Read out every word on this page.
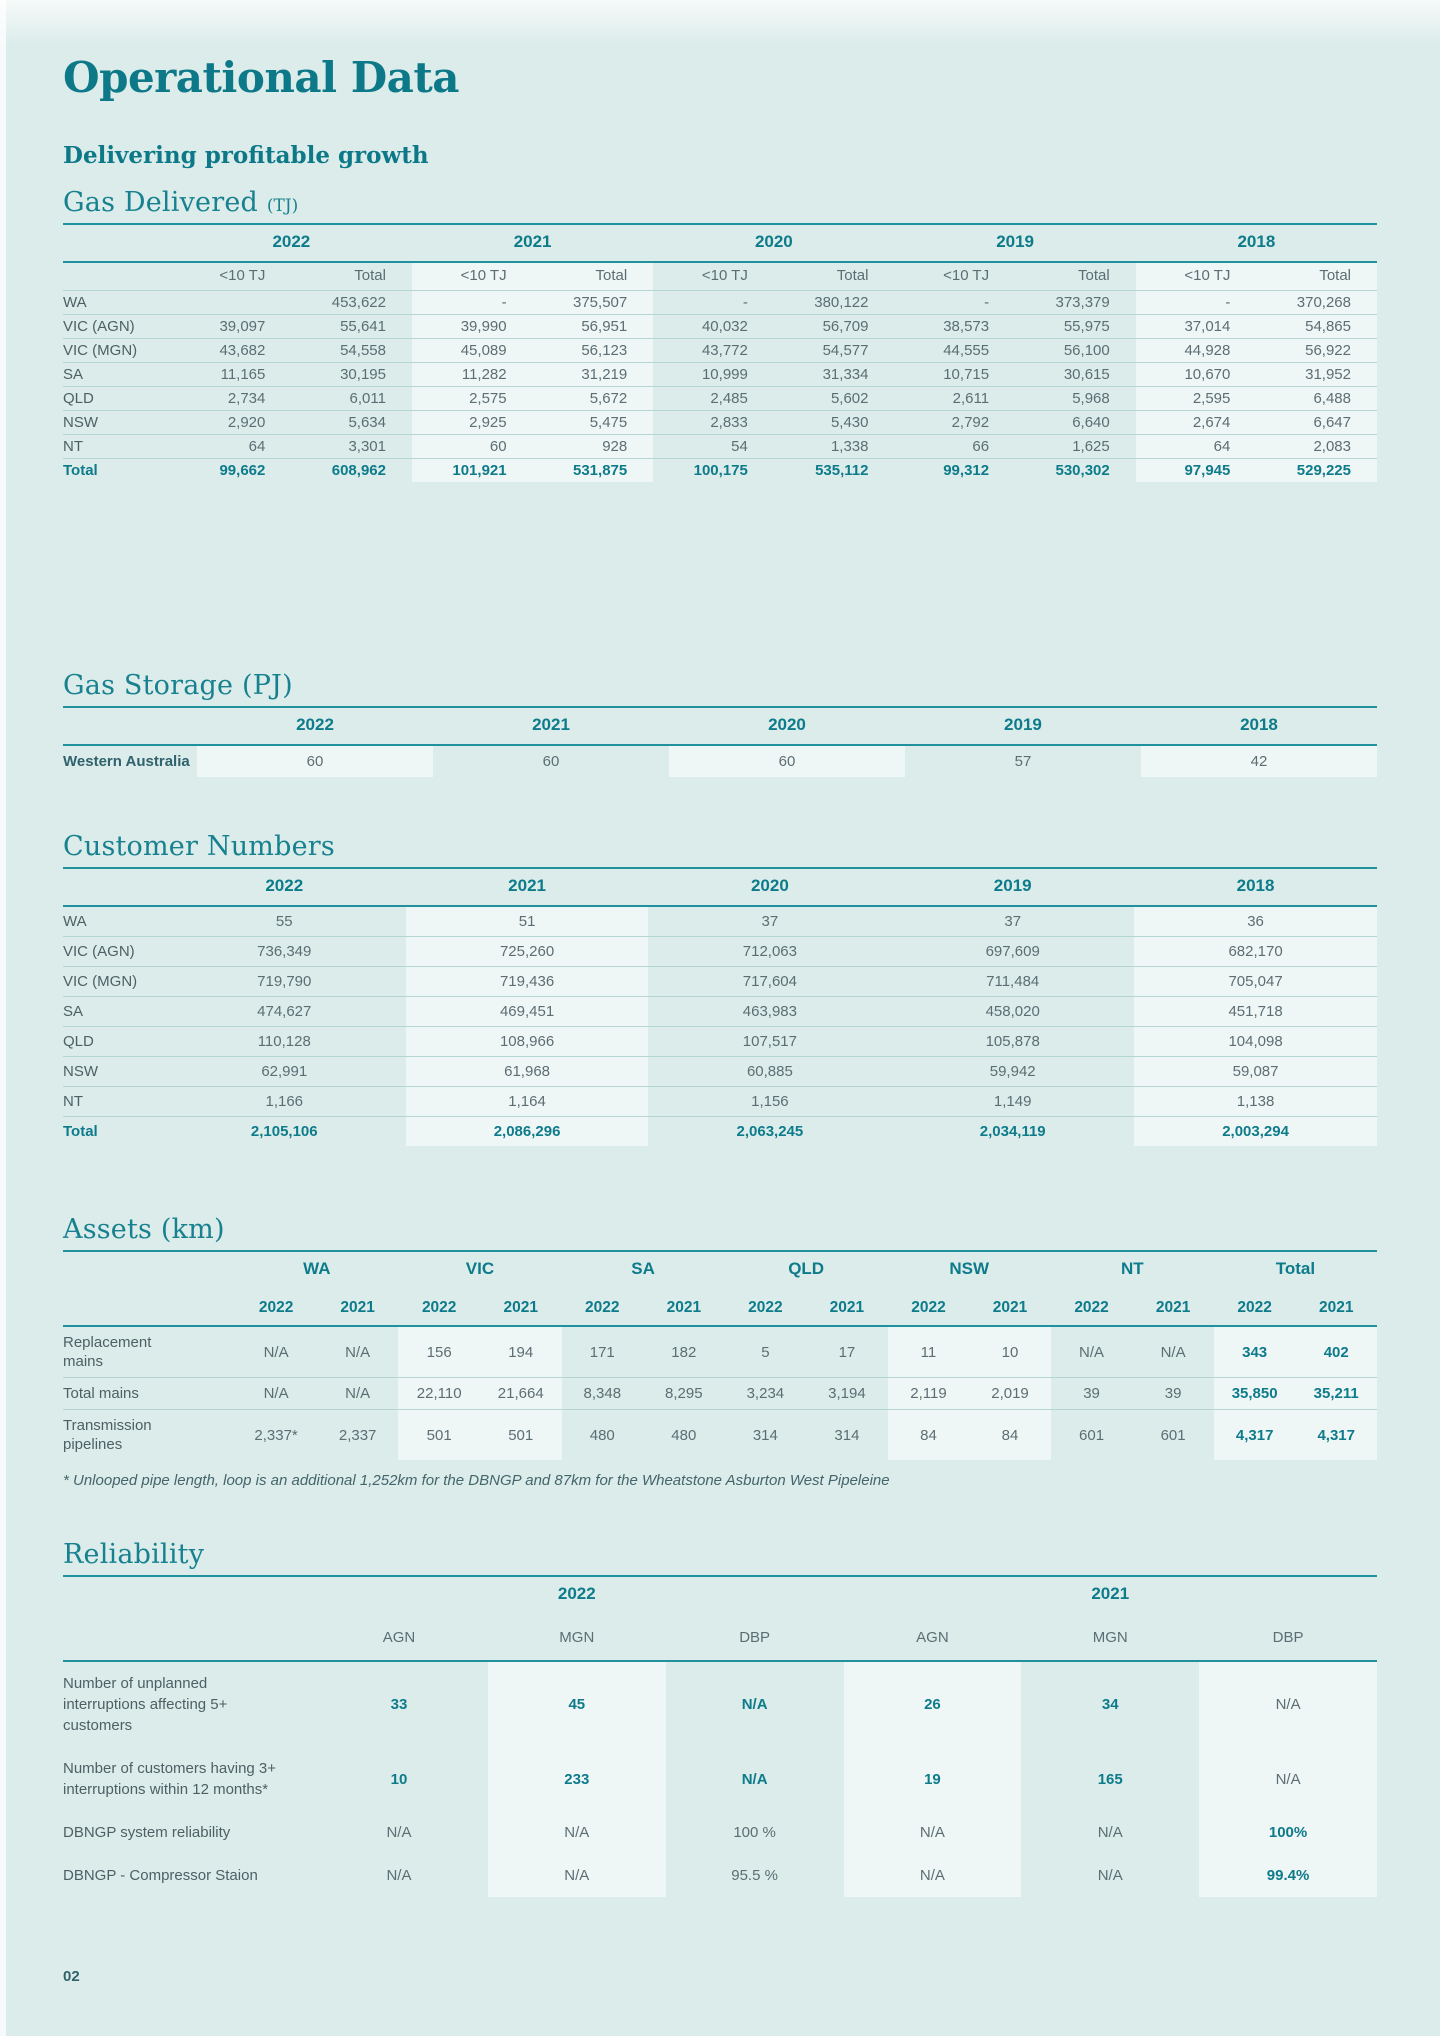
Operational Data
Delivering profitable growth
Gas Delivered (TJ)
	2022		2021		2020		2019		2018	
	<10 TJ	Total	<10 TJ	Total	<10 TJ	Total	<10 TJ	Total	<10 TJ	Total
WA		453,622	-	375,507	-	380,122	-	373,379	-	370,268
VIC (AGN)	39,097	55,641	39,990	56,951	40,032	56,709	38,573	55,975	37,014	54,865
VIC (MGN)	43,682	54,558	45,089	56,123	43,772	54,577	44,555	56,100	44,928	56,922
SA	11,165	30,195	11,282	31,219	10,999	31,334	10,715	30,615	10,670	31,952
QLD	2,734	6,011	2,575	5,672	2,485	5,602	2,611	5,968	2,595	6,488
NSW	2,920	5,634	2,925	5,475	2,833	5,430	2,792	6,640	2,674	6,647
NT	64	3,301	60	928	54	1,338	66	1,625	64	2,083
Total	99,662	608,962	101,921	531,875	100,175	535,112	99,312	530,302	97,945	529,225
Gas Storage (PJ)
	2022	2021	2020	2019	2018
Western Australia	60	60	60	57	42
Customer Numbers
	2022	2021	2020	2019	2018
WA	55	51	37	37	36
VIC (AGN)	736,349	725,260	712,063	697,609	682,170
VIC (MGN)	719,790	719,436	717,604	711,484	705,047
SA	474,627	469,451	463,983	458,020	451,718
QLD	110,128	108,966	107,517	105,878	104,098
NSW	62,991	61,968	60,885	59,942	59,087
NT	1,166	1,164	1,156	1,149	1,138
Total	2,105,106	2,086,296	2,063,245	2,034,119	2,003,294
Assets (km)
	WA		VIC		SA		QLD		NSW		NT		Total	
	2022	2021	2022	2021	2022	2021	2022	2021	2022	2021	2022	2021	2022	2021
Replacement mains	N/A	N/A	156	194	171	182	5	17	11	10	N/A	N/A	343	402
Total mains	N/A	N/A	22,110	21,664	8,348	8,295	3,234	3,194	2,119	2,019	39	39	35,850	35,211
Transmission pipelines	2,337*	2,337	501	501	480	480	314	314	84	84	601	601	4,317	4,317
* Unlooped pipe length, loop is an additional 1,252km for the DBNGP and 87km for the Wheatstone Asburton West Pipeleine
Reliability
	2022			2021		
	AGN	MGN	DBP	AGN	MGN	DBP
Number of unplanned interruptions affecting 5+ customers	33	45	N/A	26	34	N/A
Number of customers having 3+ interruptions within 12 months*	10	233	N/A	19	165	N/A
DBNGP system reliability	N/A	N/A	100 %	N/A	N/A	100%
DBNGP - Compressor Staion	N/A	N/A	95.5 %	N/A	N/A	99.4%
02
